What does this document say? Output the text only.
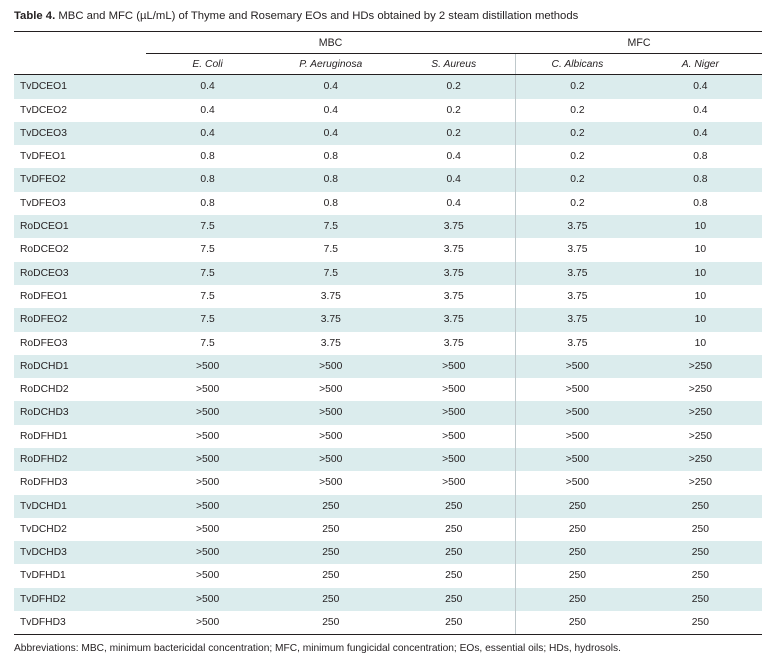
Table 4. MBC and MFC (µL/mL) of Thyme and Rosemary EOs and HDs obtained by 2 steam distillation methods
	MBC			MFC	
	E. Coli	P. Aeruginosa	S. Aureus	C. Albicans	A. Niger
TvDCEO1	0.4	0.4	0.2	0.2	0.4
TvDCEO2	0.4	0.4	0.2	0.2	0.4
TvDCEO3	0.4	0.4	0.2	0.2	0.4
TvDFEO1	0.8	0.8	0.4	0.2	0.8
TvDFEO2	0.8	0.8	0.4	0.2	0.8
TvDFEO3	0.8	0.8	0.4	0.2	0.8
RoDCEO1	7.5	7.5	3.75	3.75	10
RoDCEO2	7.5	7.5	3.75	3.75	10
RoDCEO3	7.5	7.5	3.75	3.75	10
RoDFEO1	7.5	3.75	3.75	3.75	10
RoDFEO2	7.5	3.75	3.75	3.75	10
RoDFEO3	7.5	3.75	3.75	3.75	10
RoDCHD1	>500	>500	>500	>500	>250
RoDCHD2	>500	>500	>500	>500	>250
RoDCHD3	>500	>500	>500	>500	>250
RoDFHD1	>500	>500	>500	>500	>250
RoDFHD2	>500	>500	>500	>500	>250
RoDFHD3	>500	>500	>500	>500	>250
TvDCHD1	>500	250	250	250	250
TvDCHD2	>500	250	250	250	250
TvDCHD3	>500	250	250	250	250
TvDFHD1	>500	250	250	250	250
TvDFHD2	>500	250	250	250	250
TvDFHD3	>500	250	250	250	250
Abbreviations: MBC, minimum bactericidal concentration; MFC, minimum fungicidal concentration; EOs, essential oils; HDs, hydrosols.
